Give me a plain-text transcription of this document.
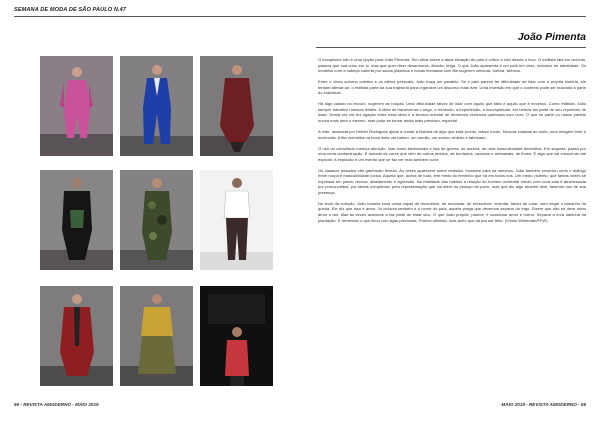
SEMANA DE MODA DE SÃO PAULO N.47
João Pimenta

O escapismo não é uma opção para João Pimenta. Seu olhar sobre a atual situação do país é crítico e não desvia o foco. O estilista fala em ciclonia, palavra que sua criou em si, mas que quer dizer desarmonia, divisão, briga. O que João apresenta é um país em crise, inclusive de identidade. Os modelos com a cabeça coberta por sacos plásticos e bocas fechadas com fita sugerem censura, tortura, silêncio.

Entre o clima soturno coletivo e os afetos pessoais, João traça um paralelo. Se o país parece ter dificuldade de lidar com a própria história, ele tentam alienar-se, o estilista parte da sua trajetória para organizar um discurso mais livre. Uma inversão em que o contexto pode ser buscado a partir do individual.

Há algo calado no escuro, sugerem as roupas. Uma dificuldade talvez de lidar com aquilo que falta e aquilo que é excesso. Como estilista, João sempre trabalhou nesses limites. A ideia de transformar o nego, o remendo, a imperfeição, a incompletude, em beleza faz parte de seu repertório de base. Desta vez ele fez ligação entre essa ideia e a técnica oriental de remendar cerâmica quebrada com ouro. O que se parte ou nasce partido nunca mais será o mesmo, mas pode se tornar ainda mais precioso, especial.

A mãe, assinada por Helder Rodrigues ajuda a contar a história de algo que está pronto, talvez morto. Moscas coladas ao rosto, uma imagem forte e incômoda. A fita vermelha na boca imita um batom, um borrão, um sorriso sinistro e fabricado.

O uso do camuflado mereça atenção. Nas cores tradicionais e fala de guerra, de dureza, de uma masculinidade destrutiva. Em seguida, passa por uma certa contaminação. É tomado de cores que vêm de outros tecidos, de bordados, vazados e artesanais, de flores. É algo que vai crescendo até explodir. A explosão é um evento que se faz ver mas também ouvir.

Os casacos pesados vão ganhando leveza. Às vezes aparecem sobre vestidos, inclusive para os meninos. João também encerrou cedo o diálogo entre roupa e masculinidade tóxica. Aquela que, acima de tudo, tem medo do feminino que há em todos nós. Um medo violento, que tantas vezes se expressa em piada, recusa, afastamento e agressão. Na realidade das hábitos a relação do homem ocidental médio com uma saia é atravessada por preconceitos, por ideias complexas, pela representação que vai além do pedaço de pano, mas que diz algo através dele, fazendo uso de sua presença.

No texto da coleção, João nomeia essa coisa capaz de reconstruir, de reconstar, de reescrever, inventar, talvez de curar, sem negar o tamanho da queda. Ele diz que isso é amor. Já ciclonia também é o nome do país, aquela praga que devemos separar do trigo. Dizem que não se deve rimar amor e dor. Mas às vezes acontece a faz parte do estar vivo. O que João propõe, parece, é ocasionar amor e horror. Separar a erva daninha da plantação. E remendar o que ficou com ligas preciosas. Parece otimista, mas acho que dá pra ser feito. (Vivian Whiteman/FFW)

56 - REVISTA AMODERNO - MAIO 2019	MAIO 2019 - REVISTA AMODERNO - 55
